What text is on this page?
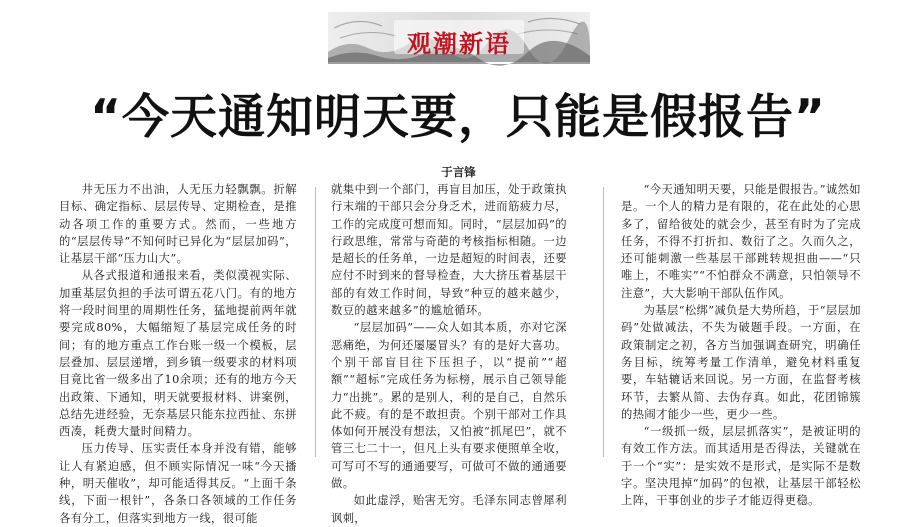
观潮新语
“今天通知明天要，只能是假报告”
于言锋

井无压力不出油，人无压力轻飘飘。折解目标、确定指标、层层传导、定期检查，是推动各项工作的重要方式。然而，一些地方的“层层传导”不知何时已异化为“层层加码”，让基层干部“压力山大”。

从各式报道和通报来看，类似漠视实际、加重基层负担的手法可谓五花八门。有的地方将一段时间里的周期性任务，猛地提前两年就要完成80%，大幅缩短了基层完成任务的时间；有的地方重点工作台账一级一个模板，层层叠加、层层递增，到乡镇一级要求的材料项目竟比省一级多出了10余项；还有的地方今天出政策、下通知，明天就要报材料、讲案例，总结先进经验，无奈基层只能东拉西扯、东拼西凑，耗费大量时间精力。

压力传导、压实责任本身并没有错，能够让人有紧迫感，但不顾实际情况一味“今天播种，明天催收”，却可能适得其反。“上面千条线，下面一根针”，各条口各领域的工作任务各有分工，但落实到地方一线，很可能

就集中到一个部门，再盲目加压，处于政策执行末端的干部只会分身乏术，进而筋疲力尽，工作的完成度可想而知。同时，“层层加码”的行政思维，常常与奇葩的考核指标相随。一边是超长的任务单，一边是超短的时间表，还要应付不时到来的督导检查，大大挤压着基层干部的有效工作时间，导致“种豆的越来越少，数豆的越来越多”的尴尬循环。

“层层加码”——众人如其本质，亦对它深恶痛绝，为何还屡屡冒头？有的是好大喜功。个别干部盲目往下压担子，以“提前”“超额”“超标”完成任务为标榜，展示自己领导能力“出挑”。累的是别人，利的是自己，自然乐此不疲。有的是不敢担责。个别干部对工作具体如何开展没有想法，又怕被“抓尾巴”，就不管三七二十一，但凡上头有要求便照单全收，可写可不写的通通要写，可做可不做的通通要做。

如此虚浮，贻害无穷。毛泽东同志曾犀利讽刺，

“今天通知明天要，只能是假报告。”诚然如是。一个人的精力是有限的，花在此处的心思多了，留给彼处的就会少，甚至有时为了完成任务，不得不打折扣、数衍了之。久而久之，还可能刺激一些基层干部跳转规担曲——“只唯上，不唯实”“不怕群众不满意，只怕领导不注意”，大大影响干部队伍作风。

为基层“松绑”减负是大势所趋，于“层层加码”处做减法，不失为破题手段。一方面，在政策制定之初，各方当加强调查研究，明确任务目标，统筹考量工作清单，避免材料重复要，车轱辘话来回说。另一方面，在监督考核环节，去繁从简、去伪存真。如此，花团锦簇的热闹才能少一些，更少一些。

“一级抓一级，层层抓落实”，是被证明的有效工作方法。而其适用是否得法，关键就在于一个“实”：是实效不是形式，是实际不是数字。坚决甩掉“加码”的包袱，让基层干部轻松上阵，干事创业的步子才能迈得更稳。
